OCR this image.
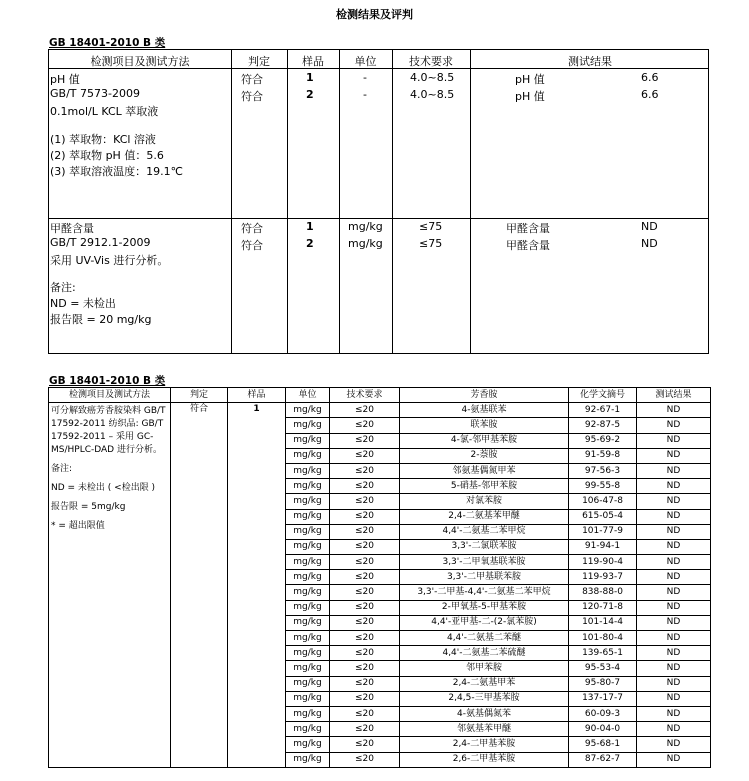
检测结果及评判
GB 18401-2010 B 类
检测项目及测试方法	判定	样品	单位	技术要求	测试结果
pH 值
GB/T 7573-2009
0.1mol/L KCL 萃取液
(1) 萃取物：KCl 溶液
(2) 萃取物 pH 值：5.6
(3) 萃取溶液温度：19.1℃
符合	1	-	4.0~8.5	pH 值	6.6
符合	2	-	4.0~8.5	pH 值	6.6
甲醛含量
GB/T 2912.1-2009
采用 UV-Vis 进行分析。
备注:
ND = 未检出
报告限 = 20 mg/kg
符合	1	mg/kg	≤75	甲醛含量	ND
符合	2	mg/kg	≤75	甲醛含量	ND
GB 18401-2010 B 类
检测项目及测试方法	判定	样品	单位	技术要求	芳香胺	化学文摘号	测试结果

可分解致癌芳香胺染料 GB/T 17592-2011 纺织品: GB/T 17592-2011 – 采用 GC-MS/HPLC-DAD 进行分析。

备注:

ND = 未检出 ( <检出限 )

报告限 = 5mg/kg

* = 超出限值	符合	1	mg/kg	≤20	4-氨基联苯	92-67-1	ND
			mg/kg	≤20	联苯胺	92-87-5	ND
			mg/kg	≤20	4-氯-邻甲基苯胺	95-69-2	ND
			mg/kg	≤20	2-萘胺	91-59-8	ND
			mg/kg	≤20	邻氨基偶氮甲苯	97-56-3	ND
			mg/kg	≤20	5-硝基-邻甲苯胺	99-55-8	ND
			mg/kg	≤20	对氯苯胺	106-47-8	ND
			mg/kg	≤20	2,4-二氨基苯甲醚	615-05-4	ND
			mg/kg	≤20	4,4'-二氨基二苯甲烷	101-77-9	ND
			mg/kg	≤20	3,3'-二氯联苯胺	91-94-1	ND
			mg/kg	≤20	3,3'-二甲氧基联苯胺	119-90-4	ND
			mg/kg	≤20	3,3'-二甲基联苯胺	119-93-7	ND
			mg/kg	≤20	3,3'-二甲基-4,4'-二氨基二苯甲烷	838-88-0	ND
			mg/kg	≤20	2-甲氧基-5-甲基苯胺	120-71-8	ND
			mg/kg	≤20	4,4'-亚甲基-二-(2-氯苯胺)	101-14-4	ND
			mg/kg	≤20	4,4'-二氨基二苯醚	101-80-4	ND
			mg/kg	≤20	4,4'-二氨基二苯硫醚	139-65-1	ND
			mg/kg	≤20	邻甲苯胺	95-53-4	ND
			mg/kg	≤20	2,4-二氨基甲苯	95-80-7	ND
			mg/kg	≤20	2,4,5-三甲基苯胺	137-17-7	ND
			mg/kg	≤20	4-氨基偶氮苯	60-09-3	ND
			mg/kg	≤20	邻氨基苯甲醚	90-04-0	ND
			mg/kg	≤20	2,4-二甲基苯胺	95-68-1	ND
			mg/kg	≤20	2,6-二甲基苯胺	87-62-7	ND
